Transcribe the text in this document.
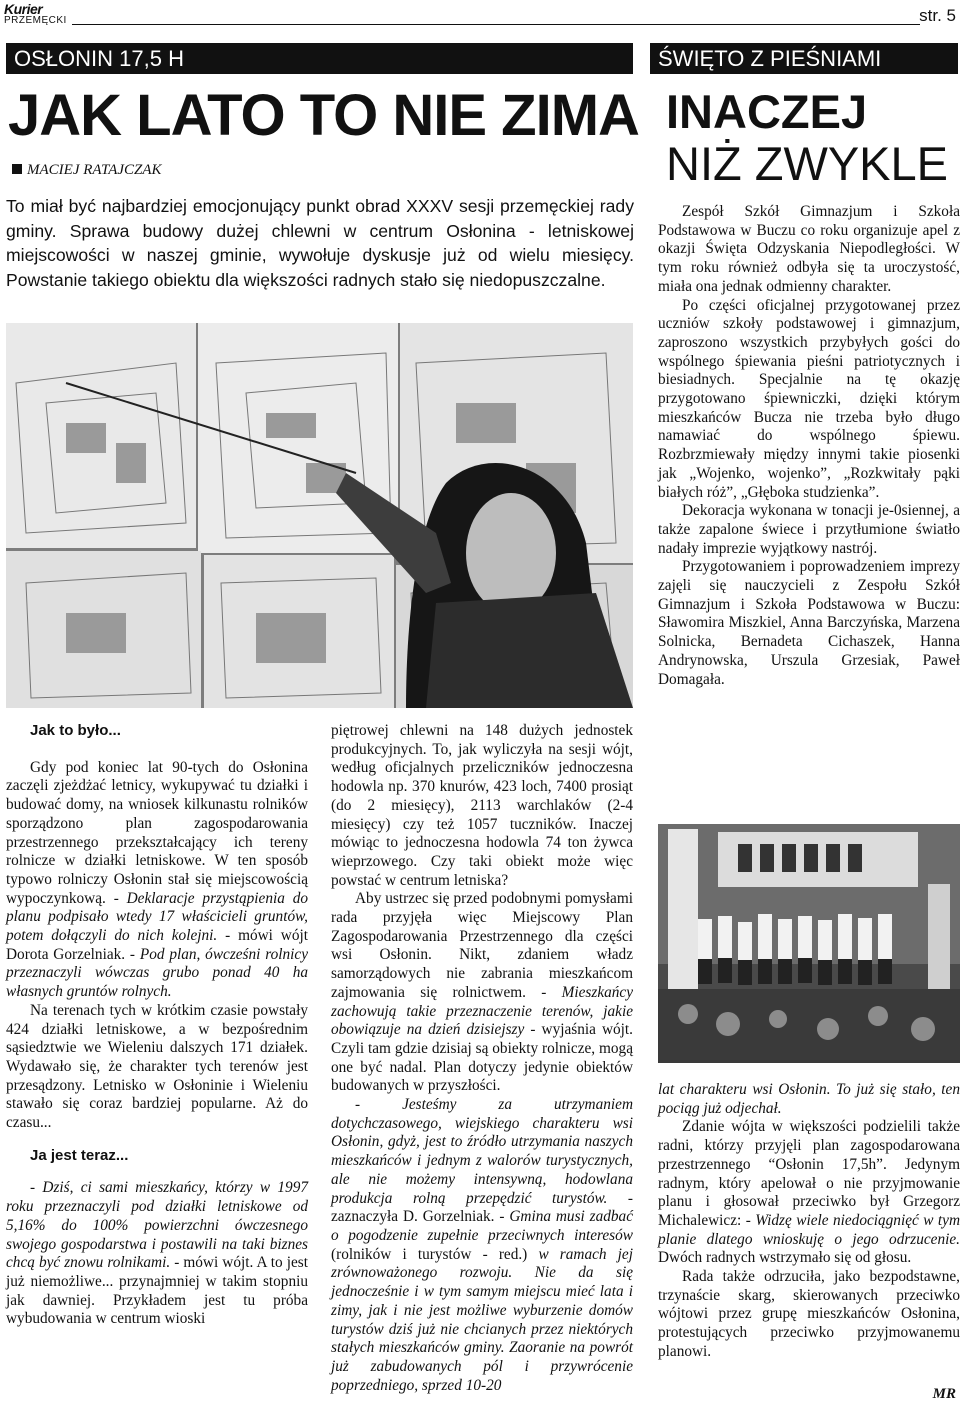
Kurier
PRZEMĘCKI	str. 5
OSŁONIN 17,5 H	ŚWIĘTO Z PIEŚNIAMI
JAK LATO TO NIE ZIMA
MACIEJ RATAJCZAK

To miał być najbardziej emocjonujący punkt obrad XXXV sesji przemęckiej rady gminy. Sprawa budowy dużej chlewni w centrum Osłonina - letniskowej miejscowości w naszej gminie, wywołuje dyskusje już od wielu miesięcy. Powstanie takiego obiektu dla większości radnych stało się niedopuszczalne.

Jak to było...

Gdy pod koniec lat 90-tych do Osłonina zaczęli zjeżdżać letnicy, wykupywać tu działki i budować domy, na wniosek kilkunastu rolników sporządzono plan zagospodarowania przestrzennego przekształcający ich tereny rolnicze w działki letniskowe. W ten sposób typowo rolniczy Osłonin stał się miejscowością wypoczynkową. - Deklaracje przystąpienia do planu podpisało wtedy 17 właścicieli gruntów, potem dołączyli do nich kolejni. - mówi wójt Dorota Gorzelniak. - Pod plan, ówcześni rolnicy przeznaczyli wówczas grubo ponad 40 ha własnych gruntów rolnych.

Na terenach tych w krótkim czasie powstały 424 działki letniskowe, a w bezpośrednim sąsiedztwie we Wieleniu dalszych 171 działek. Wydawało się, że charakter tych terenów jest przesądzony. Letnisko w Osłoninie i Wieleniu stawało się coraz bardziej popularne. Aż do czasu...

Ja jest teraz...

- Dziś, ci sami mieszkańcy, którzy w 1997 roku przeznaczyli pod działki letniskowe od 5,16% do 100% powierzchni ówczesnego swojego gospodarstwa i postawili na taki biznes chcą być znowu rolnikami. - mówi wójt. A to jest już niemożliwe... przynajmniej w takim stopniu jak dawniej. Przykładem jest tu próba wybudowania w centrum wioski

piętrowej chlewni na 148 dużych jednostek produkcyjnych. To, jak wyliczyła na sesji wójt, według oficjalnych przeliczników jednoczesna hodowla np. 370 knurów, 423 loch, 7400 prosiąt (do 2 miesięcy), 2113 warchlaków (2-4 miesięcy) czy też 1057 tuczników. Inaczej mówiąc to jednoczesna hodowla 74 ton żywca wieprzowego. Czy taki obiekt może więc powstać w centrum letniska?

Aby ustrzec się przed podobnymi pomysłami rada przyjęła więc Miejscowy Plan Zagospodarowania Przestrzennego dla części wsi Osłonin. Nikt, zdaniem władz samorządowych nie zabrania mieszkańcom zajmowania się rolnictwem. - Mieszkańcy zachowują takie przeznaczenie terenów, jakie obowiązuje na dzień dzisiejszy - wyjaśnia wójt. Czyli tam gdzie dzisiaj są obiekty rolnicze, mogą one być nadal. Plan dotyczy jedynie obiektów budowanych w przyszłości.

- Jesteśmy za utrzymaniem dotychczasowego, wiejskiego charakteru wsi Osłonin, gdyż, jest to źródło utrzymania naszych mieszkańców i jednym z walorów turystycznych, ale nie możemy intensywną, hodowlana produkcja rolną przepędzić turystów. - zaznaczyła D. Gorzelniak. - Gmina musi zadbać o pogodzenie zupełnie przeciwnych interesów (rolników i turystów - red.) w ramach jej zrównoważonego rozwoju. Nie da się jednocześnie i w tym samym miejscu mieć lata i zimy, jak i nie jest możliwe wyburzenie domów turystów dziś już nie chcianych przez niektórych stałych mieszkańców gminy. Zaoranie na powrót już zabudowanych pól i przywrócenie poprzedniego, sprzed 10-20

INACZEJ
NIŻ ZWYKLE

Zespół Szkół Gimnazjum i Szkoła Podstawowa w Buczu co roku organizuje apel z okazji Święta Odzyskania Niepodległości. W tym roku również odbyła się ta uroczystość, miała ona jednak odmienny charakter.

Po części oficjalnej przygotowanej przez uczniów szkoły podstawowej i gimnazjum, zaproszono wszystkich przybyłych gości do wspólnego śpiewania pieśni patriotycznych i biesiadnych. Specjalnie na tę okazję przygotowano śpiewniczki, dzięki którym mieszkańców Bucza nie trzeba było długo namawiać do wspólnego śpiewu. Rozbrzmiewały między innymi takie piosenki jak „Wojenko, wojenko”, „Rozkwitały pąki białych róż”, „Głęboka studzienka”.

Dekoracja wykonana w tonacji je-0siennej, a także zapalone świece i przytłumione światło nadały imprezie wyjątkowy nastrój.

Przygotowaniem i poprowadzeniem imprezy zajęli się nauczycieli z Zespołu Szkół Gimnazjum i Szkoła Podstawowa w Buczu: Sławomira Miszkiel, Anna Barczyńska, Marzena Solnicka, Bernadeta Cichaszek, Hanna Andrynowska, Urszula Grzesiak, Paweł Domagała.

lat charakteru wsi Osłonin. To już się stało, ten pociąg już odjechał.

Zdanie wójta w większości podzielili także radni, którzy przyjęli plan zagospodarowana przestrzennego “Osłonin 17,5h”. Jedynym radnym, który apelował o nie przyjmowanie planu i głosował przeciwko był Grzegorz Michalewicz: - Widzę wiele niedociągnięć w tym planie dlatego wnioskuję o jego odrzucenie. Dwóch radnych wstrzymało się od głosu.

Rada także odrzuciła, jako bezpodstawne, trzynaście skarg, skierowanych przeciwko wójtowi przez grupę mieszkańców Osłonina, protestujących przeciwko przyjmowanemu planowi.

MR
